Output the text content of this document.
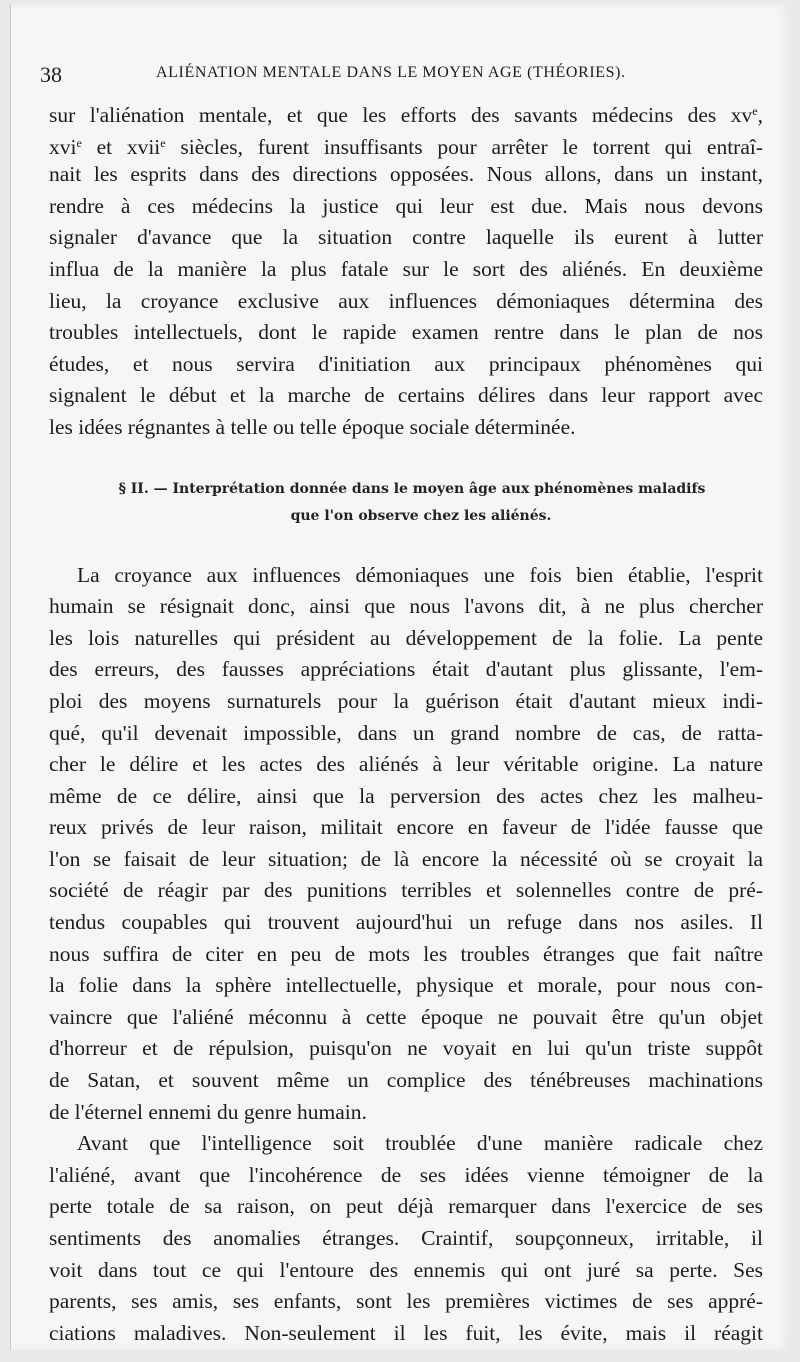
38	ALIÉNATION MENTALE DANS LE MOYEN AGE (THÉORIES).
sur l'aliénation mentale, et que les efforts des savants médecins des $xv^e$,
xvi$^e$ et xvii$^e$ siècles, furent insuffisants pour arrêter le torrent qui entraî-
nait les esprits dans des directions opposées. Nous allons, dans un instant,
rendre à ces médecins la justice qui leur est due. Mais nous devons
signaler d'avance que la situation contre laquelle ils eurent à lutter
influa de la manière la plus fatale sur le sort des aliénés. En deuxième
lieu, la croyance exclusive aux influences démoniaques détermina des
troubles intellectuels, dont le rapide examen rentre dans le plan de nos
études, et nous servira d'initiation aux principaux phénomènes qui
signalent le début et la marche de certains délires dans leur rapport avec
les idées régnantes à telle ou telle époque sociale déterminée.
§ II. — Interprétation donnée dans le moyen âge aux phénomènes maladifs
que l'on observe chez les aliénés.
La croyance aux influences démoniaques une fois bien établie, l'esprit
humain se résignait donc, ainsi que nous l'avons dit, à ne plus chercher
les lois naturelles qui président au développement de la folie. La pente
des erreurs, des fausses appréciations était d'autant plus glissante, l'em-
ploi des moyens surnaturels pour la guérison était d'autant mieux indi-
qué, qu'il devenait impossible, dans un grand nombre de cas, de rattа-
cher le délire et les actes des aliénés à leur véritable origine. La nature
même de ce délire, ainsi que la perversion des actes chez les malheu-
reux privés de leur raison, militait encore en faveur de l'idée fausse que
l'on se faisait de leur situation; de là encore la nécessité où se croyait la
société de réagir par des punitions terribles et solennelles contre de pré-
tendus coupables qui trouvent aujourd'hui un refuge dans nos asiles. Il
nous suffira de citer en peu de mots les troubles étranges que fait naître
la folie dans la sphère intellectuelle, physique et morale, pour nous con-
vaincre que l'aliéné méconnu à cette époque ne pouvait être qu'un objet
d'horreur et de répulsion, puisqu'on ne voyait en lui qu'un triste suppôt
de Satan, et souvent même un complice des ténébreuses machinations
de l'éternel ennemi du genre humain.
Avant que l'intelligence soit troublée d'une manière radicale chez
l'aliéné, avant que l'incohérence de ses idées vienne témoigner de la
perte totale de sa raison, on peut déjà remarquer dans l'exercice de ses
sentiments des anomalies étranges. Craintif, soupçonneux, irritable, il
voit dans tout ce qui l'entoure des ennemis qui ont juré sa perte. Ses
parents, ses amis, ses enfants, sont les premières victimes de ses appré-
ciations maladives. Non-seulement il les fuit, les évite, mais il réagit
